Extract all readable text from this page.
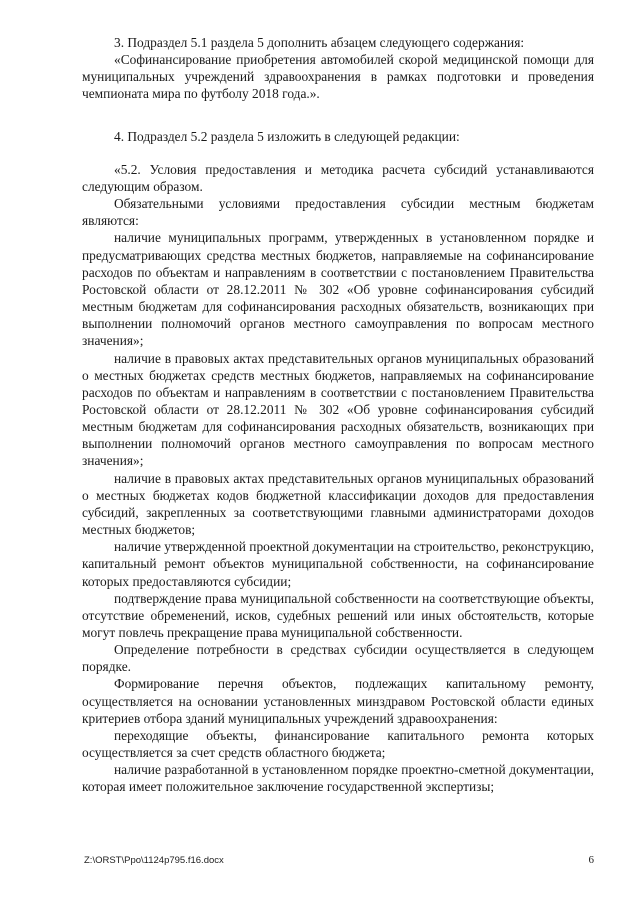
3. Подраздел 5.1 раздела 5 дополнить абзацем следующего содержания:

«Софинансирование приобретения автомобилей скорой медицинской помощи для муниципальных учреждений здравоохранения в рамках подготовки и проведения чемпионата мира по футболу 2018 года.».

4. Подраздел 5.2 раздела 5 изложить в следующей редакции:

«5.2. Условия предоставления и методика расчета субсидий устанавливаются следующим образом.

Обязательными условиями предоставления субсидии местным бюджетам являются:

наличие муниципальных программ, утвержденных в установленном порядке и предусматривающих средства местных бюджетов, направляемые на софинансирование расходов по объектам и направлениям в соответствии с постановлением Правительства Ростовской области от 28.12.2011 № 302 «Об уровне софинансирования субсидий местным бюджетам для софинансирования расходных обязательств, возникающих при выполнении полномочий органов местного самоуправления по вопросам местного значения»;

наличие в правовых актах представительных органов муниципальных образований о местных бюджетах средств местных бюджетов, направляемых на софинансирование расходов по объектам и направлениям в соответствии с постановлением Правительства Ростовской области от 28.12.2011 № 302 «Об уровне софинансирования субсидий местным бюджетам для софинансирования расходных обязательств, возникающих при выполнении полномочий органов местного самоуправления по вопросам местного значения»;

наличие в правовых актах представительных органов муниципальных образований о местных бюджетах кодов бюджетной классификации доходов для предоставления субсидий, закрепленных за соответствующими главными администраторами доходов местных бюджетов;

наличие утвержденной проектной документации на строительство, реконструкцию, капитальный ремонт объектов муниципальной собственности, на софинансирование которых предоставляются субсидии;

подтверждение права муниципальной собственности на соответствующие объекты, отсутствие обременений, исков, судебных решений или иных обстоятельств, которые могут повлечь прекращение права муниципальной собственности.

Определение потребности в средствах субсидии осуществляется в следующем порядке.

Формирование перечня объектов, подлежащих капитальному ремонту, осуществляется на основании установленных минздравом Ростовской области единых критериев отбора зданий муниципальных учреждений здравоохранения:

переходящие объекты, финансирование капитального ремонта которых осуществляется за счет средств областного бюджета;

наличие разработанной в установленном порядке проектно-сметной документации, которая имеет положительное заключение государственной экспертизы;

Z:\ORST\Ppo\1124p795.f16.docx	6
